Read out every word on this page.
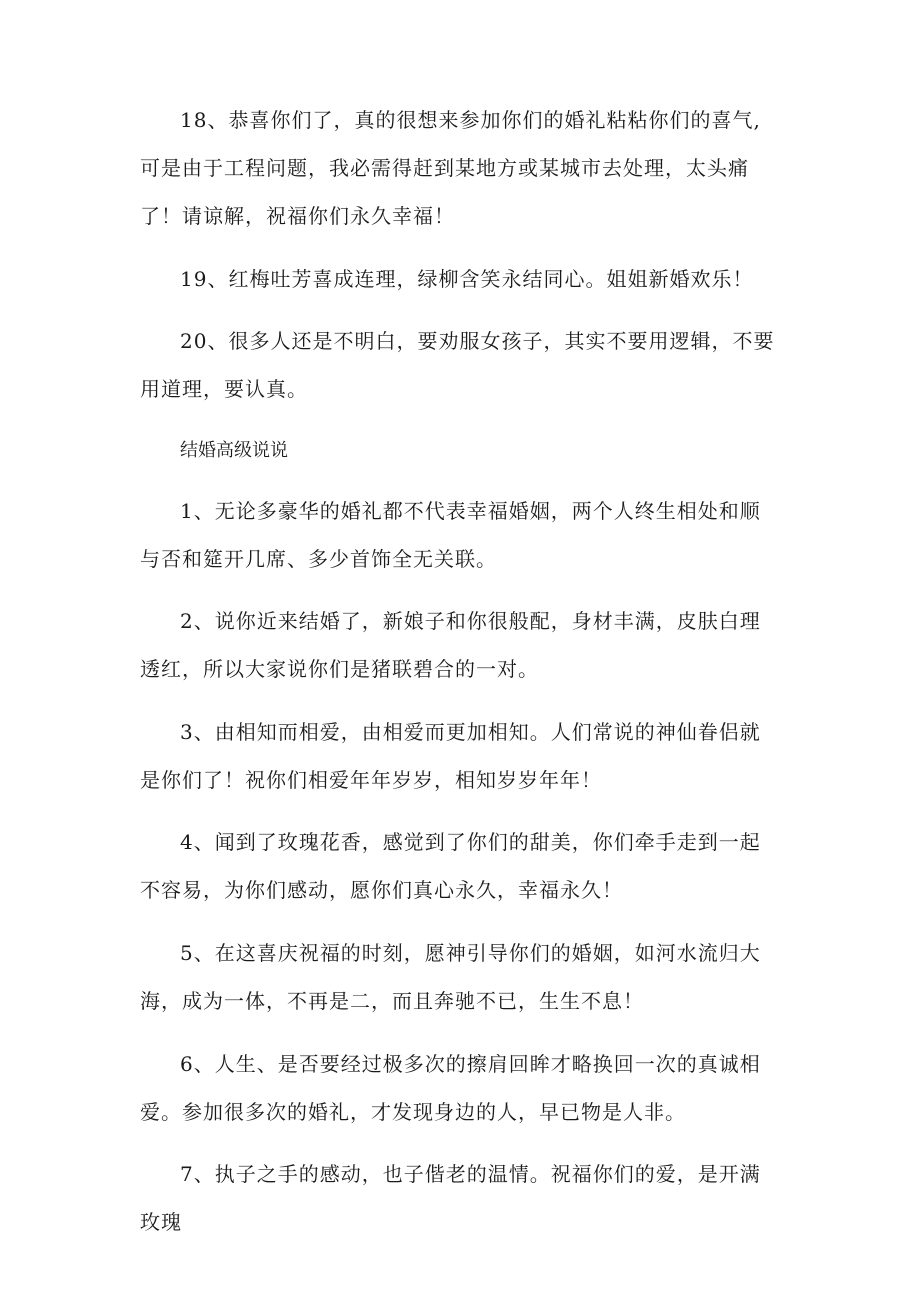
18、恭喜你们了，真的很想来参加你们的婚礼粘粘你们的喜气,可是由于工程问题，我必需得赶到某地方或某城市去处理，太头痛了！请谅解，祝福你们永久幸福！

19、红梅吐芳喜成连理，绿柳含笑永结同心。姐姐新婚欢乐！

20、很多人还是不明白，要劝服女孩子，其实不要用逻辑，不要用道理，要认真。

结婚高级说说

1、无论多豪华的婚礼都不代表幸福婚姻，两个人终生相处和顺与否和筵开几席、多少首饰全无关联。

2、说你近来结婚了，新娘子和你很般配，身材丰满，皮肤白理透红，所以大家说你们是猪联碧合的一对。

3、由相知而相爱，由相爱而更加相知。人们常说的神仙眷侣就是你们了！祝你们相爱年年岁岁，相知岁岁年年！

4、闻到了玫瑰花香，感觉到了你们的甜美，你们牵手走到一起不容易，为你们感动，愿你们真心永久，幸福永久！

5、在这喜庆祝福的时刻，愿神引导你们的婚姻，如河水流归大海，成为一体，不再是二，而且奔驰不已，生生不息！

6、人生、是否要经过极多次的擦肩回眸才略换回一次的真诚相爱。参加很多次的婚礼，才发现身边的人，早已物是人非。

7、执子之手的感动，也子偕老的温情。祝福你们的爱，是开满玫瑰
